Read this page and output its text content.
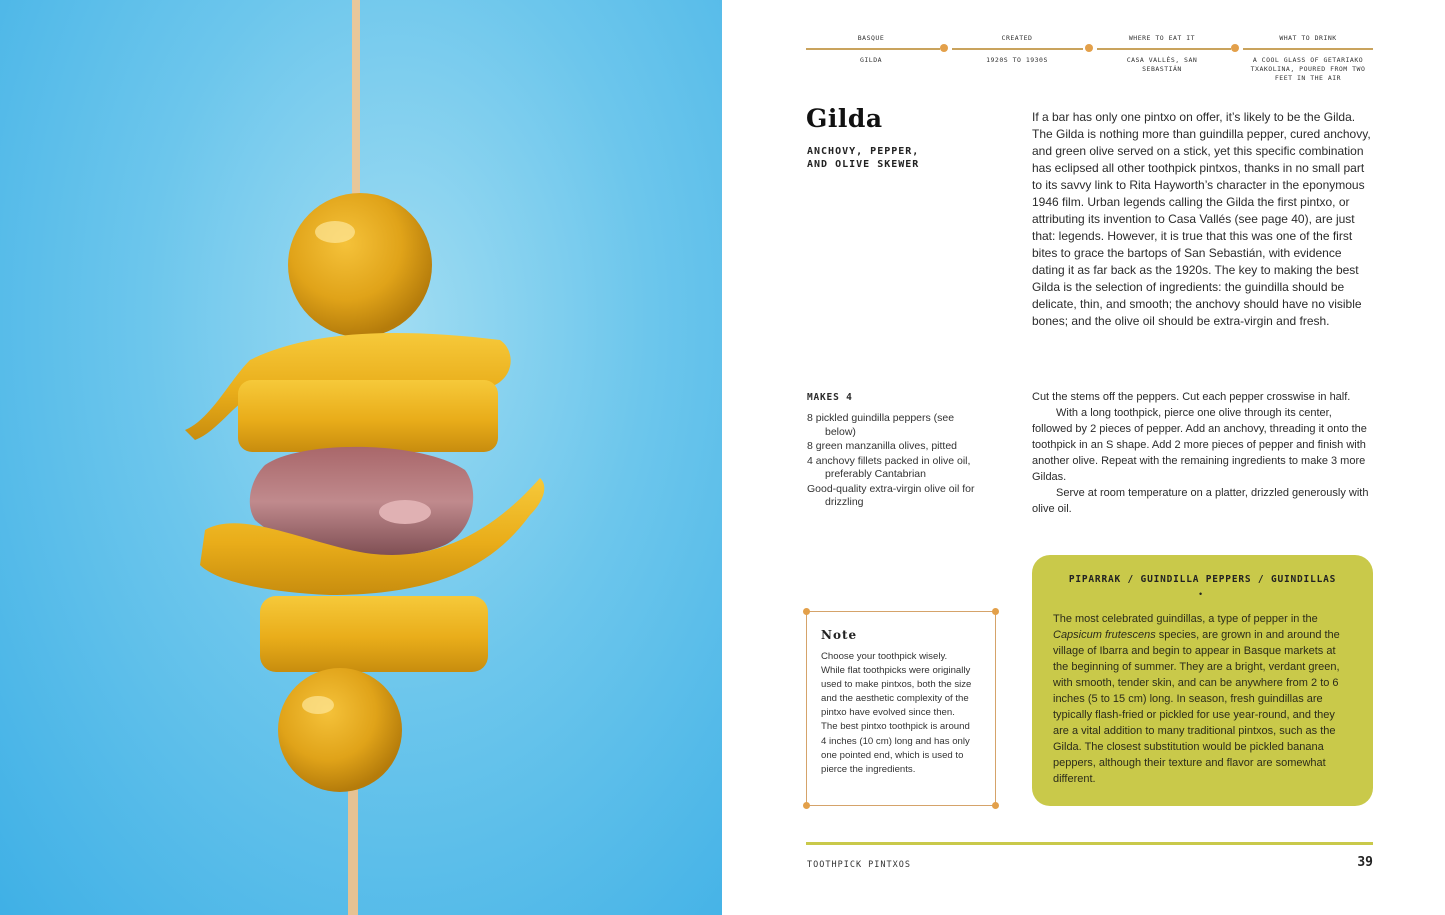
BASQUE
GILDA
CREATED
1920S TO 1930S
WHERE TO EAT IT
CASA VALLÉS, SAN SEBASTIÁN
WHAT TO DRINK
A COOL GLASS OF GETARIAKO TXAKOLINA, POURED FROM TWO FEET IN THE AIR
Gilda
ANCHOVY, PEPPER, AND OLIVE SKEWER
If a bar has only one pintxo on offer, it’s likely to be the Gilda. The Gilda is nothing more than guindilla pepper, cured anchovy, and green olive served on a stick, yet this specific combination has eclipsed all other toothpick pintxos, thanks in no small part to its savvy link to Rita Hayworth’s character in the eponymous 1946 film. Urban legends calling the Gilda the first pintxo, or attributing its invention to Casa Vallés (see page 40), are just that: legends. However, it is true that this was one of the first bites to grace the bartops of San Sebastián, with evidence dating it as far back as the 1920s. The key to making the best Gilda is the selection of ingredients: the guindilla should be delicate, thin, and smooth; the anchovy should have no visible bones; and the olive oil should be extra-virgin and fresh.
MAKES 4
8 pickled guindilla peppers (see below)
8 green manzanilla olives, pitted
4 anchovy fillets packed in olive oil, preferably Cantabrian
Good-quality extra-virgin olive oil for drizzling

Cut the stems off the peppers. Cut each pepper crosswise in half.

With a long toothpick, pierce one olive through its center, followed by 2 pieces of pepper. Add an anchovy, threading it onto the toothpick in an S shape. Add 2 more pieces of pepper and finish with another olive. Repeat with the remaining ingredients to make 3 more Gildas.

Serve at room temperature on a platter, drizzled generously with olive oil.

Note
Choose your toothpick wisely. While flat toothpicks were originally used to make pintxos, both the size and the aesthetic complexity of the pintxo have evolved since then. The best pintxo toothpick is around 4 inches (10 cm) long and has only one pointed end, which is used to pierce the ingredients.
PIPARRAK / GUINDILLA PEPPERS / GUINDILLAS
•
The most celebrated guindillas, a type of pepper in the Capsicum frutescens species, are grown in and around the village of Ibarra and begin to appear in Basque markets at the beginning of summer. They are a bright, verdant green, with smooth, tender skin, and can be anywhere from 2 to 6 inches (5 to 15 cm) long. In season, fresh guindillas are typically flash-fried or pickled for use year-round, and they are a vital addition to many traditional pintxos, such as the Gilda. The closest substitution would be pickled banana peppers, although their texture and flavor are somewhat different.
TOOTHPICK PINTXOS	39
